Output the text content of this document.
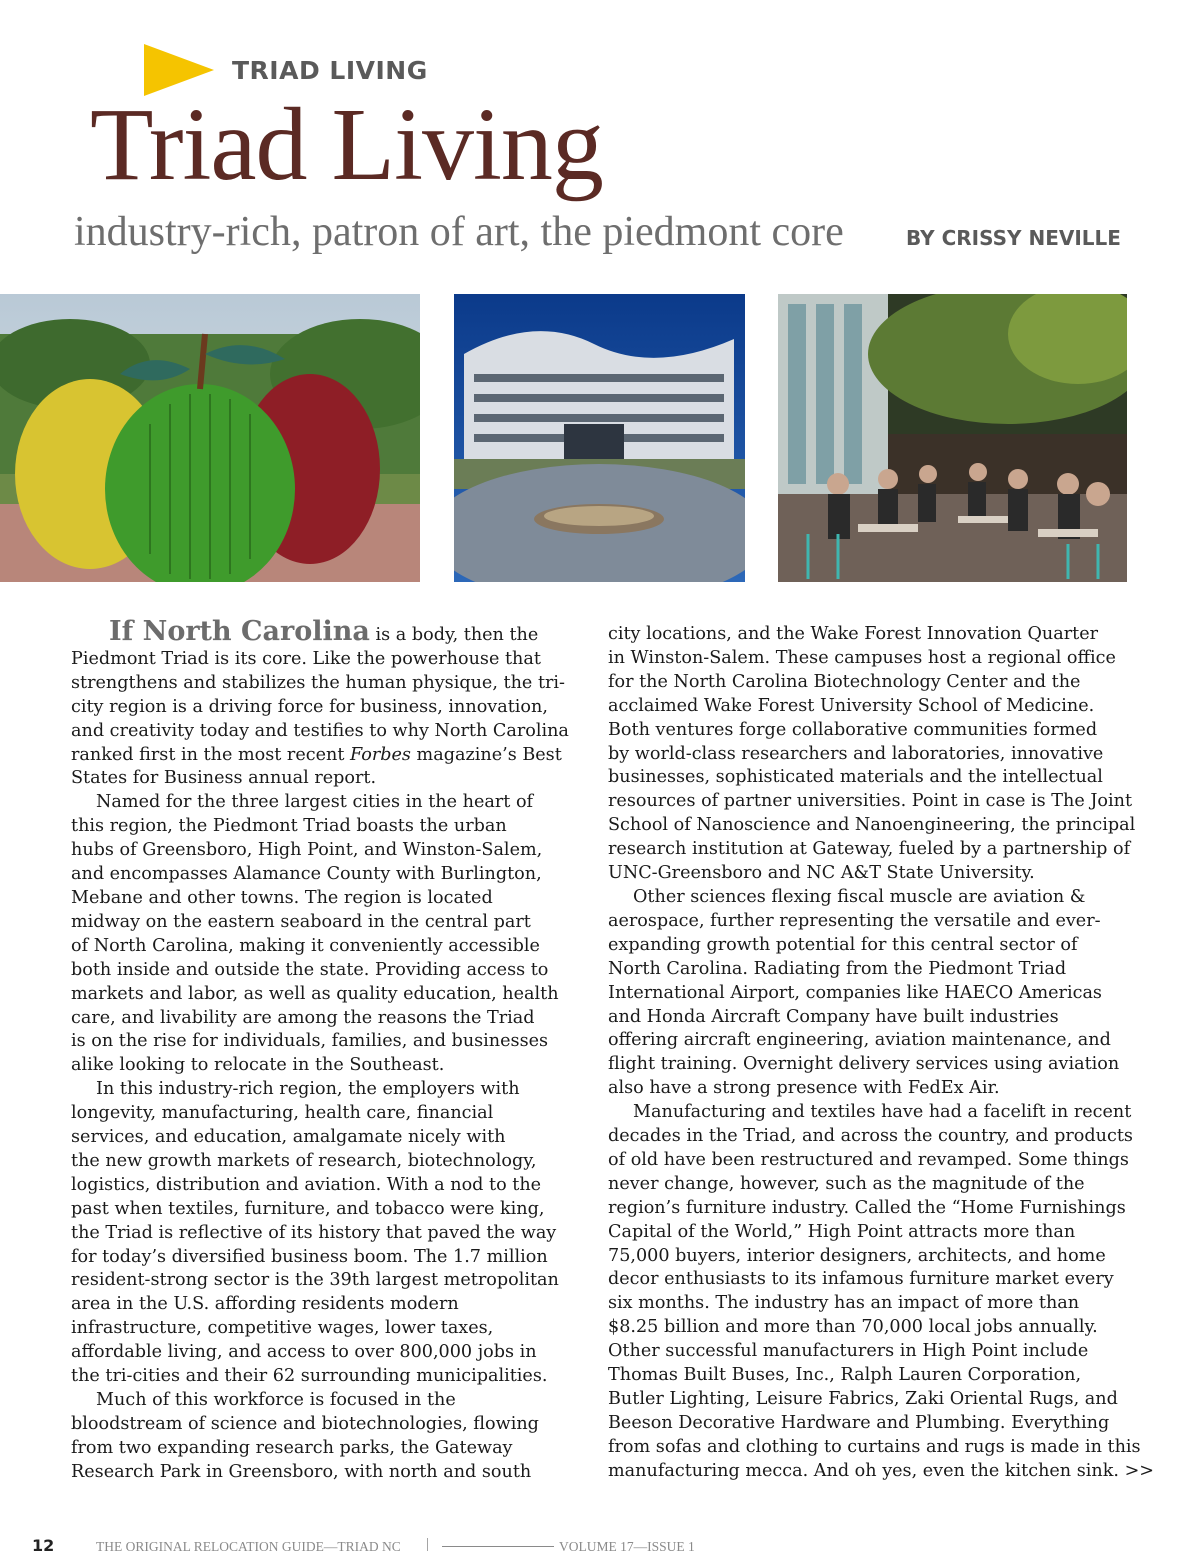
TRIAD LIVING
Triad Living
industry-rich, patron of art, the piedmont core	BY CRISSY NEVILLE

If North Carolina is a body, then the
Piedmont Triad is its core. Like the powerhouse that
strengthens and stabilizes the human physique, the tri-
city region is a driving force for business, innovation,
and creativity today and testifies to why North Carolina
ranked first in the most recent Forbes magazine’s Best
States for Business annual report.

Named for the three largest cities in the heart of
this region, the Piedmont Triad boasts the urban
hubs of Greensboro, High Point, and Winston-Salem,
and encompasses Alamance County with Burlington,
Mebane and other towns. The region is located
midway on the eastern seaboard in the central part
of North Carolina, making it conveniently accessible
both inside and outside the state. Providing access to
markets and labor, as well as quality education, health
care, and livability are among the reasons the Triad
is on the rise for individuals, families, and businesses
alike looking to relocate in the Southeast.

In this industry-rich region, the employers with
longevity, manufacturing, health care, financial
services, and education, amalgamate nicely with
the new growth markets of research, biotechnology,
logistics, distribution and aviation. With a nod to the
past when textiles, furniture, and tobacco were king,
the Triad is reflective of its history that paved the way
for today’s diversified business boom. The 1.7 million
resident-strong sector is the 39th largest metropolitan
area in the U.S. affording residents modern
infrastructure, competitive wages, lower taxes,
affordable living, and access to over 800,000 jobs in
the tri-cities and their 62 surrounding municipalities.

Much of this workforce is focused in the
bloodstream of science and biotechnologies, flowing
from two expanding research parks, the Gateway
Research Park in Greensboro, with north and south

city locations, and the Wake Forest Innovation Quarter
in Winston-Salem. These campuses host a regional office
for the North Carolina Biotechnology Center and the
acclaimed Wake Forest University School of Medicine.
Both ventures forge collaborative communities formed
by world-class researchers and laboratories, innovative
businesses, sophisticated materials and the intellectual
resources of partner universities. Point in case is The Joint
School of Nanoscience and Nanoengineering, the principal
research institution at Gateway, fueled by a partnership of
UNC-Greensboro and NC A&T State University.

Other sciences flexing fiscal muscle are aviation &
aerospace, further representing the versatile and ever-
expanding growth potential for this central sector of
North Carolina. Radiating from the Piedmont Triad
International Airport, companies like HAECO Americas
and Honda Aircraft Company have built industries
offering aircraft engineering, aviation maintenance, and
flight training. Overnight delivery services using aviation
also have a strong presence with FedEx Air.

Manufacturing and textiles have had a facelift in recent
decades in the Triad, and across the country, and products
of old have been restructured and revamped. Some things
never change, however, such as the magnitude of the
region’s furniture industry. Called the “Home Furnishings
Capital of the World,” High Point attracts more than
75,000 buyers, interior designers, architects, and home
decor enthusiasts to its infamous furniture market every
six months. The industry has an impact of more than
$8.25 billion and more than 70,000 local jobs annually.
Other successful manufacturers in High Point include
Thomas Built Buses, Inc., Ralph Lauren Corporation,
Butler Lighting, Leisure Fabrics, Zaki Oriental Rugs, and
Beeson Decorative Hardware and Plumbing. Everything
from sofas and clothing to curtains and rugs is made in this
manufacturing mecca. And oh yes, even the kitchen sink. >>

12	THE ORIGINAL RELOCATION GUIDE—TRIAD NC |	VOLUME 17—ISSUE 1
